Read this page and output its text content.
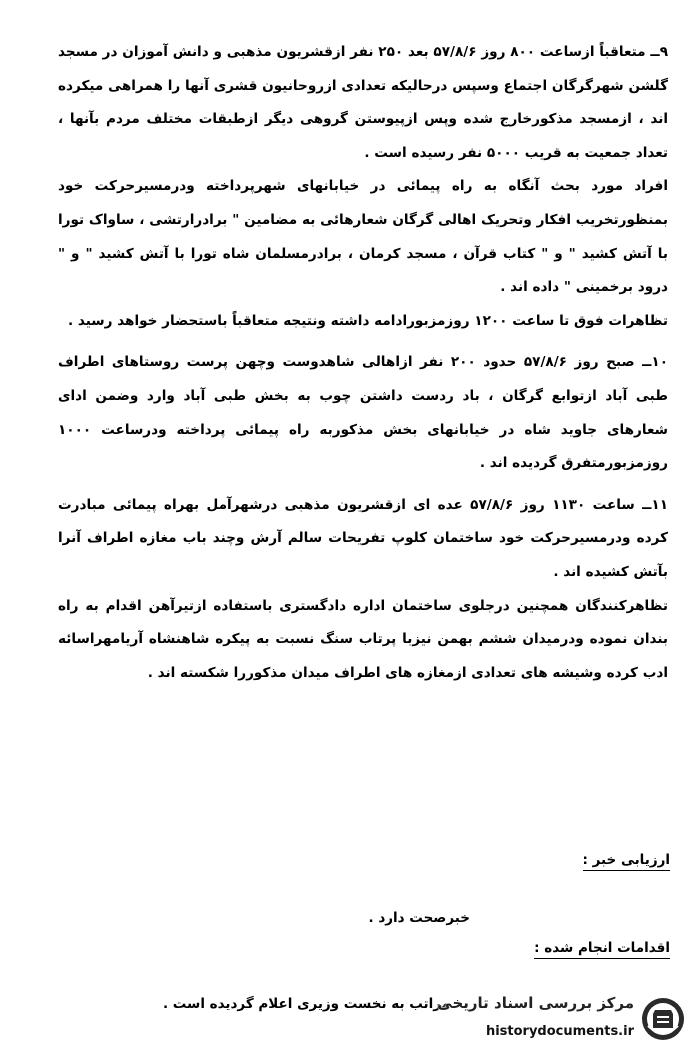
۹ــ متعاقباً ازساعت ۸۰۰ روز ۵۷/۸/۶ بعد ۲۵۰ نفر ازقشریون مذهبی و دانش آموزان در مسجد گلشن شهرگرگان اجتماع وسپس درحالیکه تعدادی ازروحانیون قشری آنها را همراهی میکرده اند ، ازمسجد مذکورخارج شده وپس ازپیوستن گروهی دیگر ازطبقات مختلف مردم بآنها ، تعداد جمعیت به قریب ۵۰۰۰ نفر رسیده است .

افراد مورد بحث آنگاه به راه پیمائی در خیابانهای شهرپرداخته ودرمسیرحرکت خود بمنظورتخریب افکار وتحریک اهالی گرگان شعارهائی به مضامین " برادرارتشی ، ساواک تورا با آتش کشید " و " کتاب قرآن ، مسجد کرمان ، برادرمسلمان شاه تورا با آتش کشید " و " درود برخمینی " داده اند .

تظاهرات فوق تا ساعت ۱۲۰۰ روزمزبورادامه داشته ونتیجه متعاقباً باستحضار خواهد رسید .

۱۰ــ صبح روز ۵۷/۸/۶ حدود ۲۰۰ نفر ازاهالی شاهدوست وچهن پرست روستاهای اطراف طبی آباد ازتوابع گرگان ، باد ردست داشتن چوب به بخش طبی آباد وارد وضمن ادای شعارهای جاوید شاه در خیابانهای بخش مذکوربه راه پیمائی پرداخته ودرساعت ۱۰۰۰ روزمزبورمتفرق گردیده اند .

۱۱ــ ساعت ۱۱۳۰ روز ۵۷/۸/۶ عده ای ازقشریون مذهبی درشهرآمل بهراه پیمائی مبادرت کرده ودرمسیرحرکت خود ساختمان کلوپ تفریحات سالم آرش وچند باب مغازه اطراف آنرا بآتش کشیده اند .

تظاهرکنندگان همچنین درجلوی ساختمان اداره دادگستری باستفاده ازتیرآهن اقدام به راه بندان نموده ودرمیدان ششم بهمن نیزبا پرتاب سنگ نسبت به پیکره شاهنشاه آریامهراسائه ادب کرده وشیشه های تعدادی ازمغازه های اطراف میدان مذکوررا شکسته اند .

ارزیابی خبر :
خبرصحت دارد .
اقدامات انجام شده :
مراتب به نخست وزیری اعلام گردیده است .
مرکز بررسی اسناد تاریخی
historydocuments.ir
